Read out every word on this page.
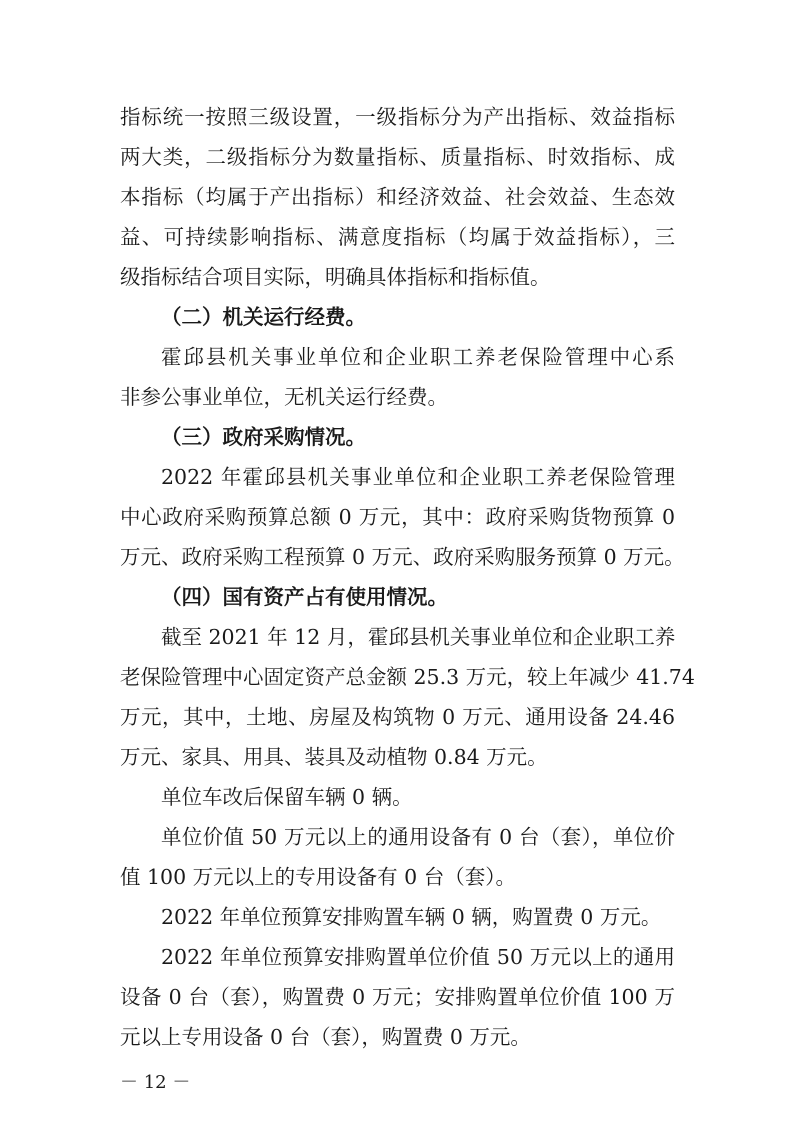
指标统一按照三级设置，一级指标分为产出指标、效益指标
两大类，二级指标分为数量指标、质量指标、时效指标、成
本指标（均属于产出指标）和经济效益、社会效益、生态效
益、可持续影响指标、满意度指标（均属于效益指标），三
级指标结合项目实际，明确具体指标和指标值。
（二）机关运行经费。
霍邱县机关事业单位和企业职工养老保险管理中心系
非参公事业单位，无机关运行经费。
（三）政府采购情况。
2022 年霍邱县机关事业单位和企业职工养老保险管理
中心政府采购预算总额 0 万元，其中：政府采购货物预算 0
万元、政府采购工程预算 0 万元、政府采购服务预算 0 万元。
（四）国有资产占有使用情况。
截至 2021 年 12 月，霍邱县机关事业单位和企业职工养
老保险管理中心固定资产总金额 25.3 万元，较上年减少 41.74
万元，其中，土地、房屋及构筑物 0 万元、通用设备 24.46
万元、家具、用具、装具及动植物 0.84 万元。
单位车改后保留车辆 0 辆。
单位价值 50 万元以上的通用设备有 0 台（套），单位价
值 100 万元以上的专用设备有 0 台（套）。
2022 年单位预算安排购置车辆 0 辆，购置费 0 万元。
2022 年单位预算安排购置单位价值 50 万元以上的通用
设备 0 台（套），购置费 0 万元；安排购置单位价值 100 万
元以上专用设备 0 台（套），购置费 0 万元。
－ 12 －
